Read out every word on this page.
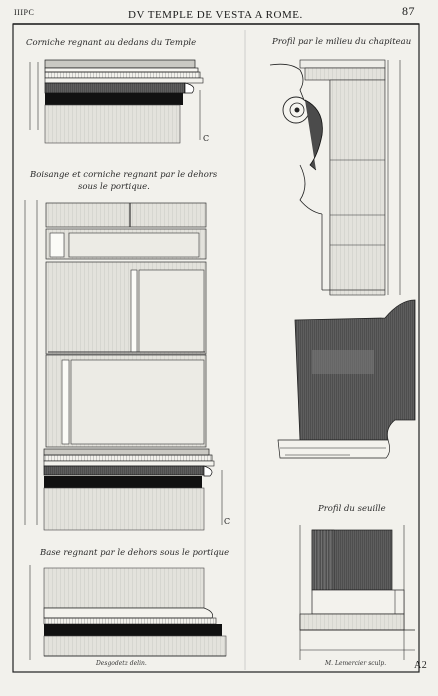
C
C
IIIPC	DV TEMPLE DE VESTA A ROME.	87
Corniche regnant au dedans du Temple	Profil par le milieu du chapiteau
Boisange et corniche regnant par le dehors
sous le portique.
Base regnant par le dehors sous le portique
Profil du seuille
Desgodetz delin.	M. Lemercier sculp.	A2
